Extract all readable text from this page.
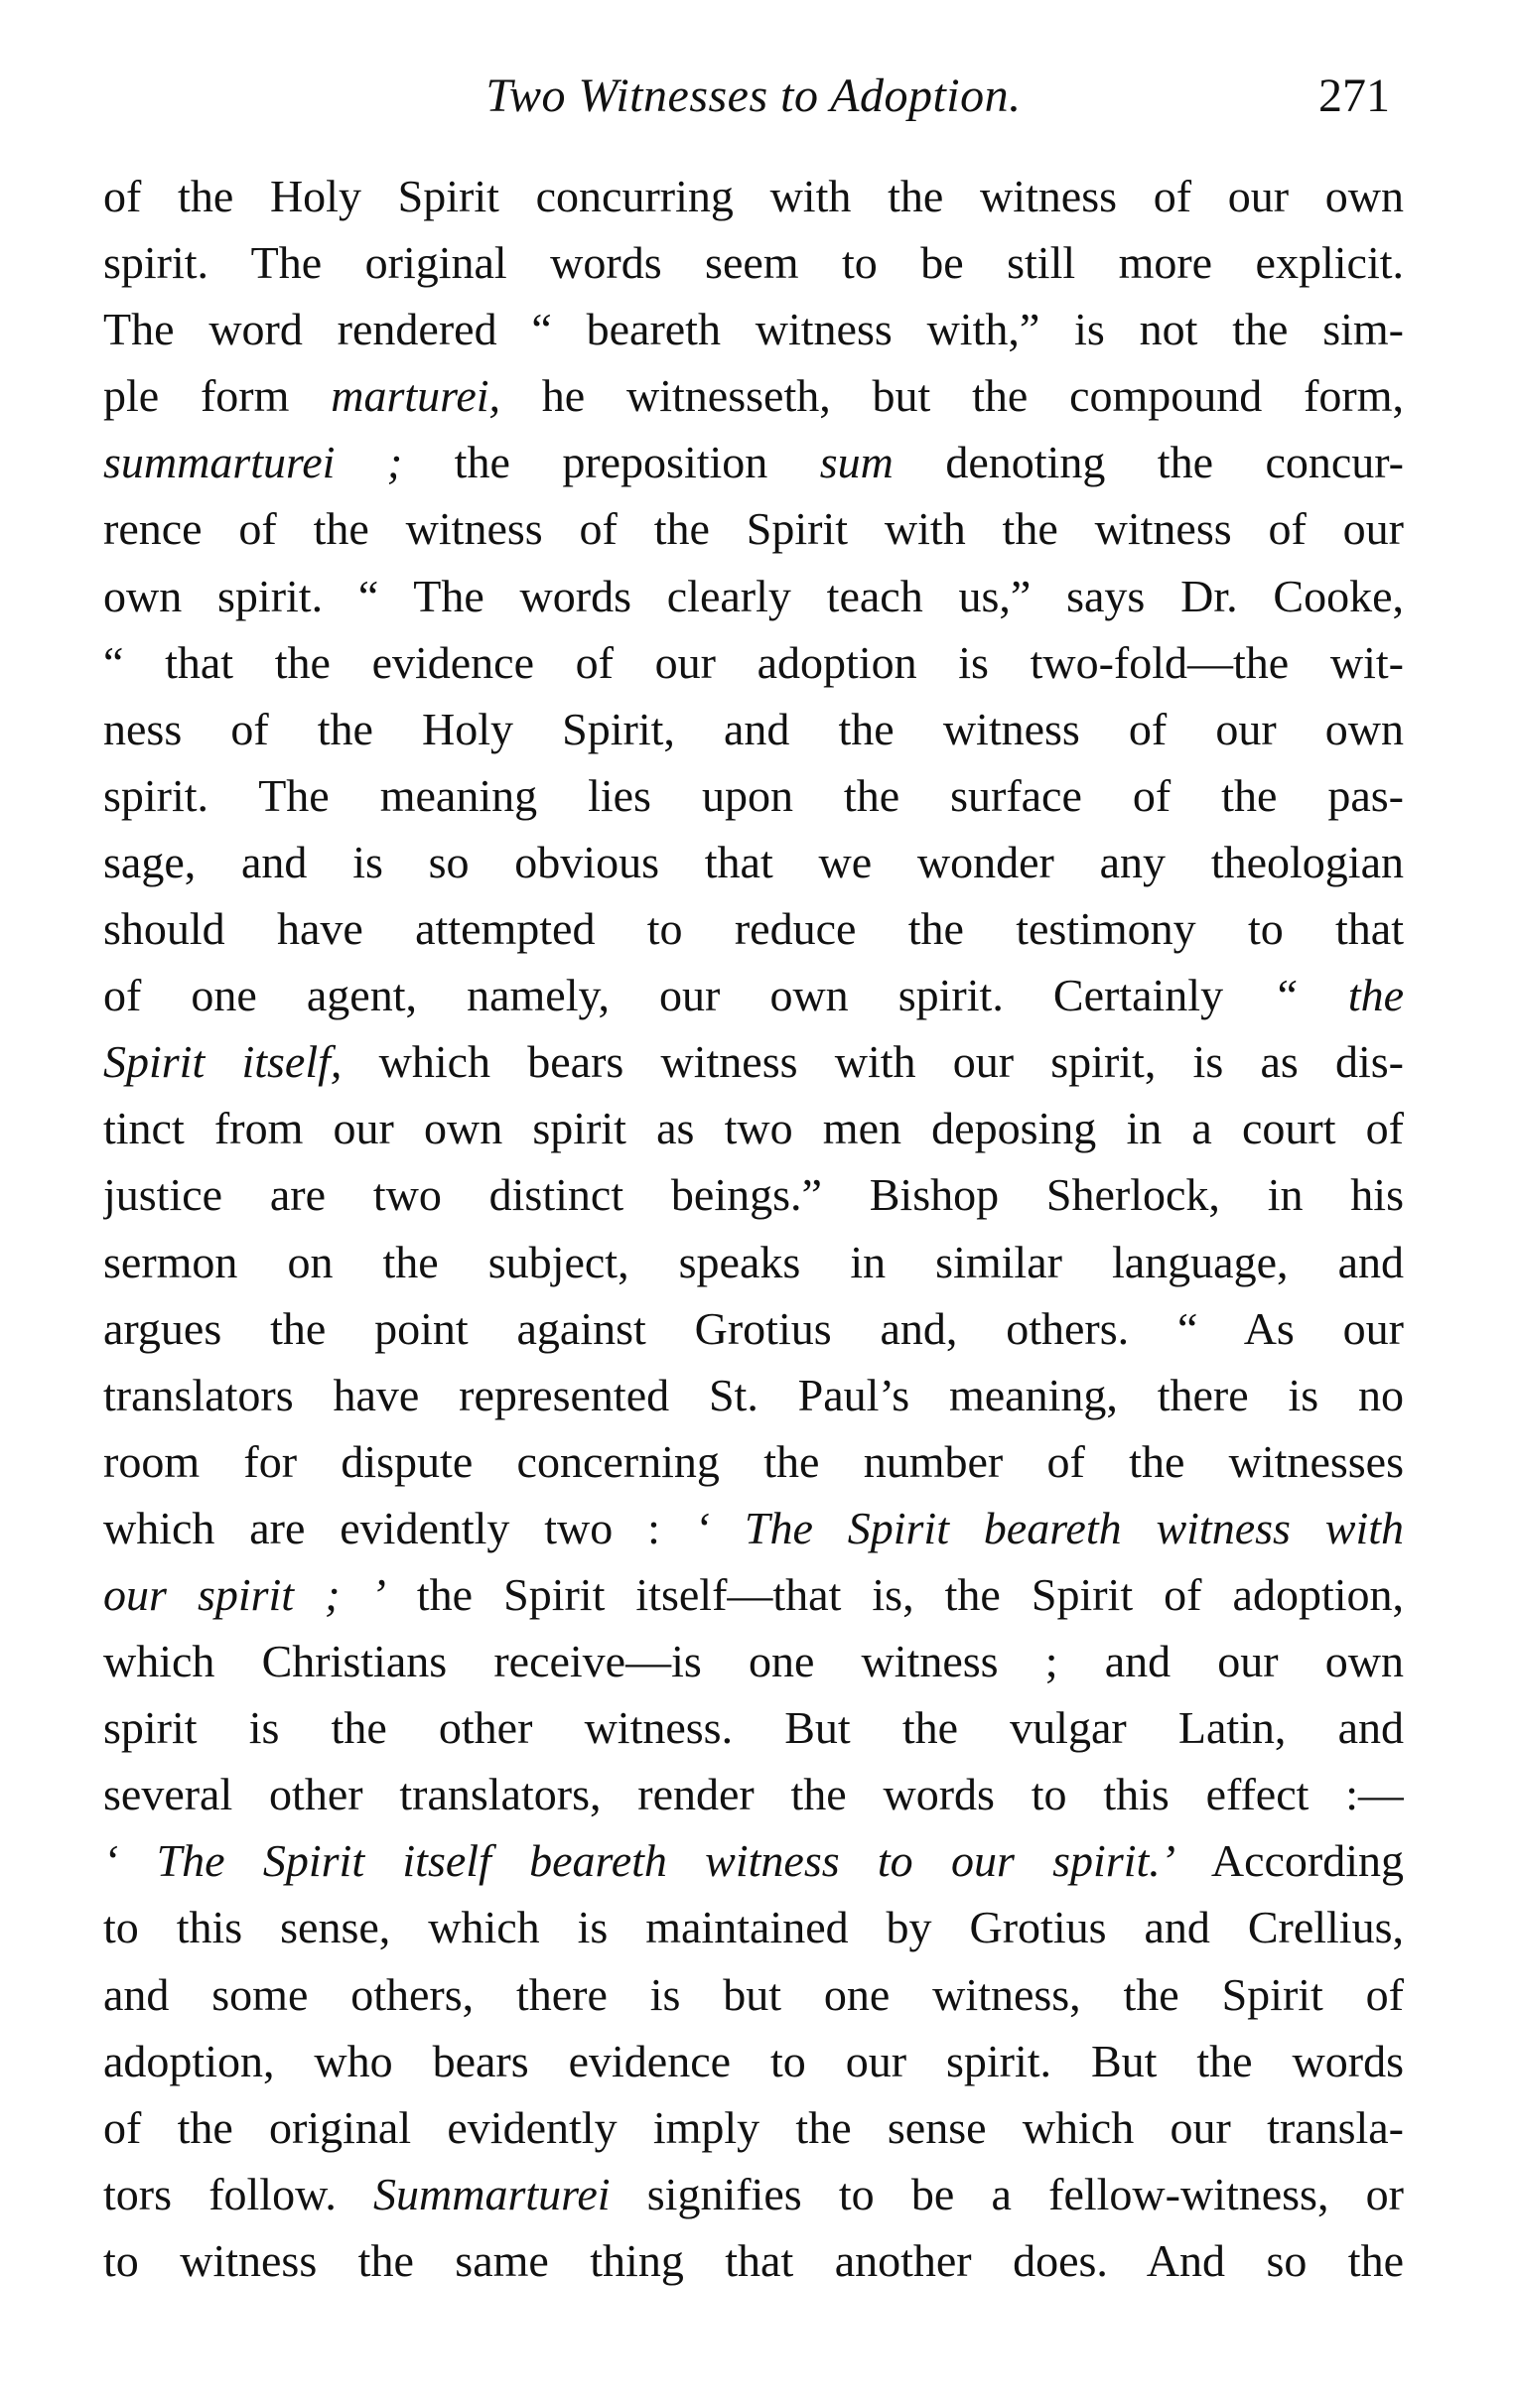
Two Witnesses to Adoption.	271
of the Holy Spirit concurring with the witness of our own
spirit. The original words seem to be still more explicit.
The word rendered “ beareth witness with,” is not the sim-
ple form marturei, he witnesseth, but the compound form,
summarturei ; the preposition sum denoting the concur-
rence of the witness of the Spirit with the witness of our
own spirit. “ The words clearly teach us,” says Dr. Cooke,
“ that the evidence of our adoption is two-fold—the wit-
ness of the Holy Spirit, and the witness of our own
spirit. The meaning lies upon the surface of the pas-
sage, and is so obvious that we wonder any theologian
should have attempted to reduce the testimony to that
of one agent, namely, our own spirit. Certainly “ the
Spirit itself, which bears witness with our spirit, is as dis-
tinct from our own spirit as two men deposing in a court of
justice are two distinct beings.” Bishop Sherlock, in his
sermon on the subject, speaks in similar language, and
argues the point against Grotius and, others. “ As our
translators have represented St. Paul’s meaning, there is no
room for dispute concerning the number of the witnesses
which are evidently two : ‘ The Spirit beareth witness with
our spirit ; ’ the Spirit itself—that is, the Spirit of adoption,
which Christians receive—is one witness ; and our own
spirit is the other witness. But the vulgar Latin, and
several other translators, render the words to this effect :—
‘ The Spirit itself beareth witness to our spirit.’ According
to this sense, which is maintained by Grotius and Crellius,
and some others, there is but one witness, the Spirit of
adoption, who bears evidence to our spirit. But the words
of the original evidently imply the sense which our transla-
tors follow. Summarturei signifies to be a fellow-witness, or
to witness the same thing that another does. And so the
